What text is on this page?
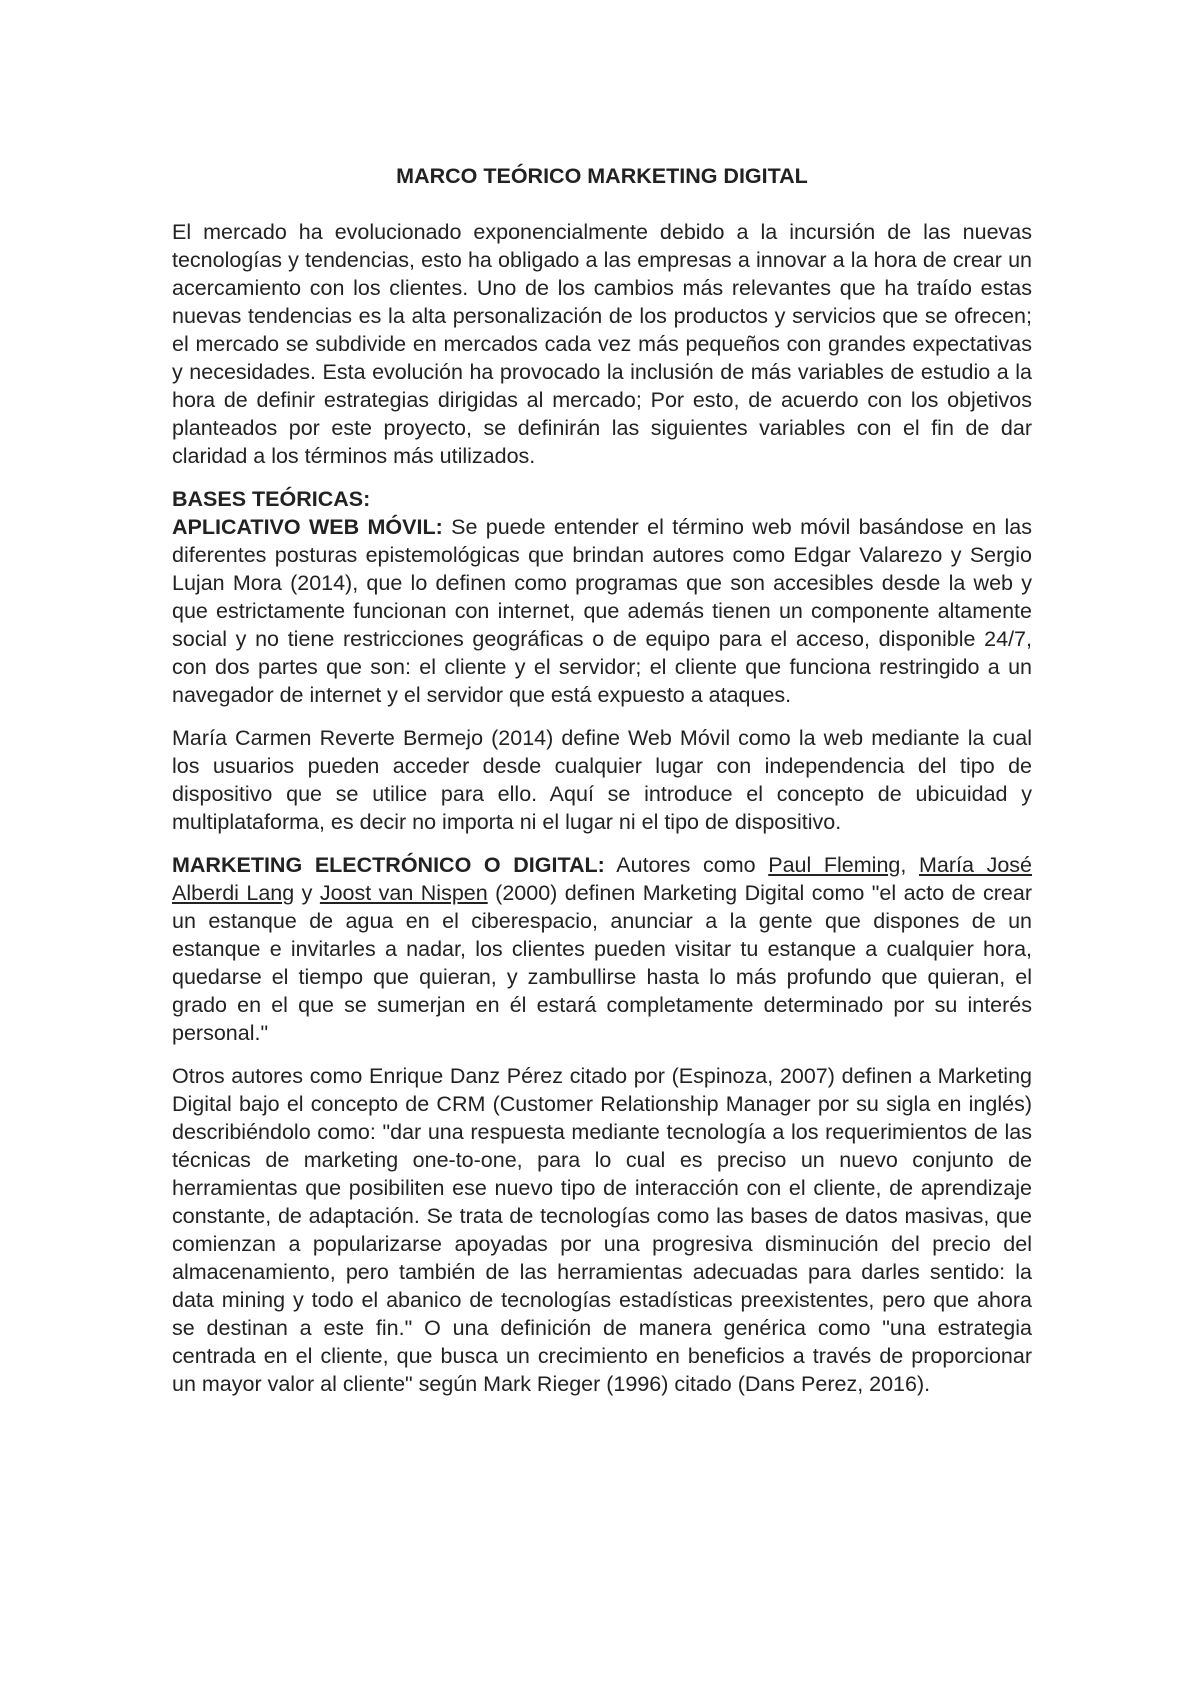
MARCO TEÓRICO MARKETING DIGITAL

El mercado ha evolucionado exponencialmente debido a la incursión de las nuevas tecnologías y tendencias, esto ha obligado a las empresas a innovar a la hora de crear un acercamiento con los clientes. Uno de los cambios más relevantes que ha traído estas nuevas tendencias es la alta personalización de los productos y servicios que se ofrecen; el mercado se subdivide en mercados cada vez más pequeños con grandes expectativas y necesidades. Esta evolución ha provocado la inclusión de más variables de estudio a la hora de definir estrategias dirigidas al mercado; Por esto, de acuerdo con los objetivos planteados por este proyecto, se definirán las siguientes variables con el fin de dar claridad a los términos más utilizados.

BASES TEÓRICAS:

APLICATIVO WEB MÓVIL: Se puede entender el término web móvil basándose en las diferentes posturas epistemológicas que brindan autores como Edgar Valarezo y Sergio Lujan Mora (2014), que lo definen como programas que son accesibles desde la web y que estrictamente funcionan con internet, que además tienen un componente altamente social y no tiene restricciones geográficas o de equipo para el acceso, disponible 24/7, con dos partes que son: el cliente y el servidor; el cliente que funciona restringido a un navegador de internet y el servidor que está expuesto a ataques.

María Carmen Reverte Bermejo (2014) define Web Móvil como la web mediante la cual los usuarios pueden acceder desde cualquier lugar con independencia del tipo de dispositivo que se utilice para ello. Aquí se introduce el concepto de ubicuidad y multiplataforma, es decir no importa ni el lugar ni el tipo de dispositivo.

MARKETING ELECTRÓNICO O DIGITAL: Autores como Paul Fleming, María José Alberdi Lang y Joost van Nispen (2000) definen Marketing Digital como "el acto de crear un estanque de agua en el ciberespacio, anunciar a la gente que dispones de un estanque e invitarles a nadar, los clientes pueden visitar tu estanque a cualquier hora, quedarse el tiempo que quieran, y zambullirse hasta lo más profundo que quieran, el grado en el que se sumerjan en él estará completamente determinado por su interés personal."

Otros autores como Enrique Danz Pérez citado por (Espinoza, 2007) definen a Marketing Digital bajo el concepto de CRM (Customer Relationship Manager por su sigla en inglés) describiéndolo como: "dar una respuesta mediante tecnología a los requerimientos de las técnicas de marketing one-to-one, para lo cual es preciso un nuevo conjunto de herramientas que posibiliten ese nuevo tipo de interacción con el cliente, de aprendizaje constante, de adaptación. Se trata de tecnologías como las bases de datos masivas, que comienzan a popularizarse apoyadas por una progresiva disminución del precio del almacenamiento, pero también de las herramientas adecuadas para darles sentido: la data mining y todo el abanico de tecnologías estadísticas preexistentes, pero que ahora se destinan a este fin." O una definición de manera genérica como "una estrategia centrada en el cliente, que busca un crecimiento en beneficios a través de proporcionar un mayor valor al cliente" según Mark Rieger (1996) citado (Dans Perez, 2016).
